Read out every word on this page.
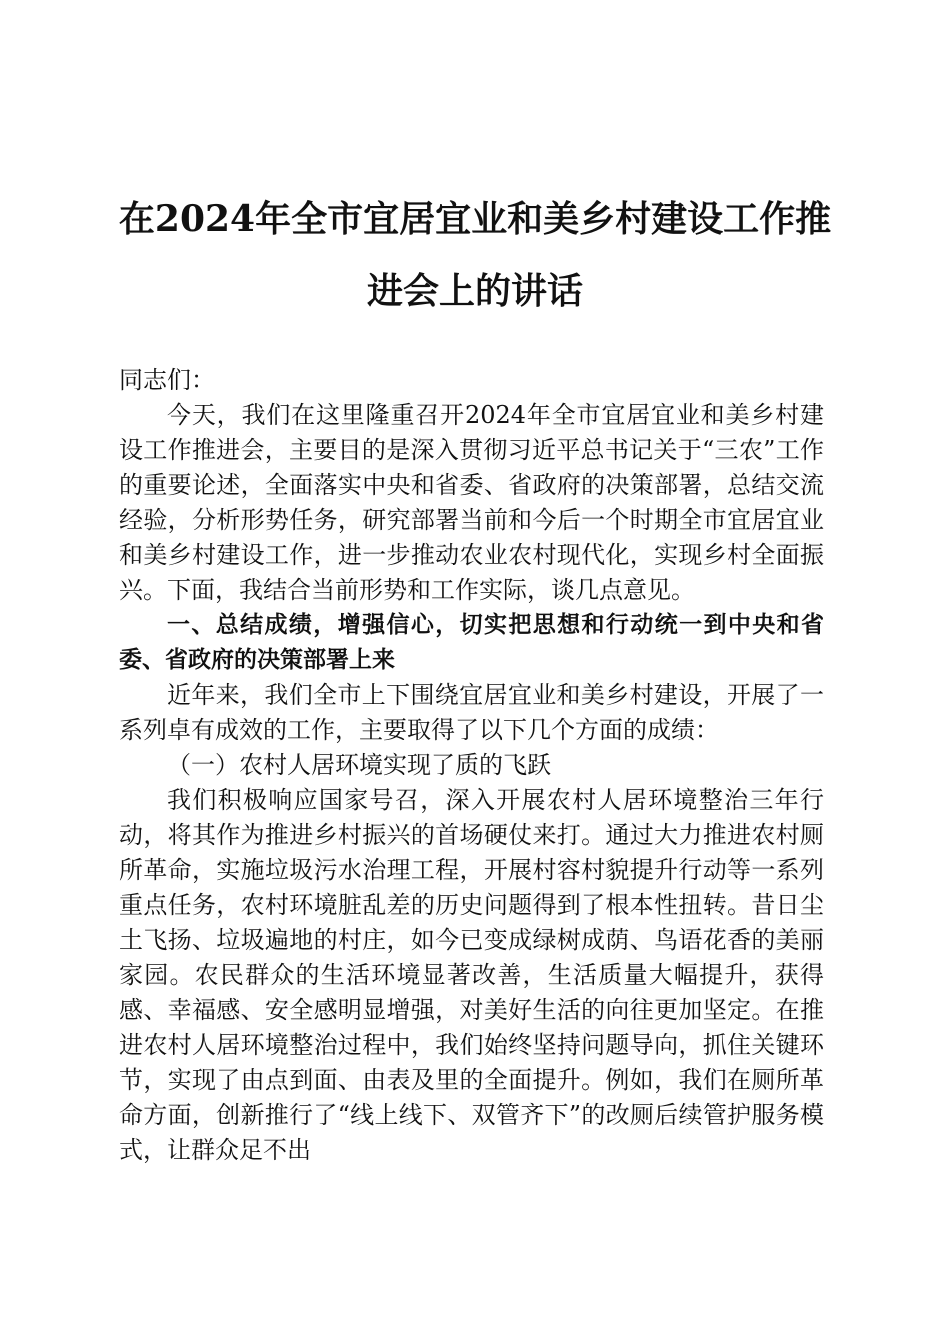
在2024年全市宜居宜业和美乡村建设工作推
进会上的讲话

同志们：

今天，我们在这里隆重召开2024年全市宜居宜业和美乡村建设工作推进会，主要目的是深入贯彻习近平总书记关于“三农”工作的重要论述，全面落实中央和省委、省政府的决策部署，总结交流经验，分析形势任务，研究部署当前和今后一个时期全市宜居宜业和美乡村建设工作，进一步推动农业农村现代化，实现乡村全面振兴。下面，我结合当前形势和工作实际，谈几点意见。

一、总结成绩，增强信心，切实把思想和行动统一到中央和省委、省政府的决策部署上来

近年来，我们全市上下围绕宜居宜业和美乡村建设，开展了一系列卓有成效的工作，主要取得了以下几个方面的成绩：

（一）农村人居环境实现了质的飞跃

我们积极响应国家号召，深入开展农村人居环境整治三年行动，将其作为推进乡村振兴的首场硬仗来打。通过大力推进农村厕所革命，实施垃圾污水治理工程，开展村容村貌提升行动等一系列重点任务，农村环境脏乱差的历史问题得到了根本性扭转。昔日尘土飞扬、垃圾遍地的村庄，如今已变成绿树成荫、鸟语花香的美丽家园。农民群众的生活环境显著改善，生活质量大幅提升，获得感、幸福感、安全感明显增强，对美好生活的向往更加坚定。在推进农村人居环境整治过程中，我们始终坚持问题导向，抓住关键环节，实现了由点到面、由表及里的全面提升。例如，我们在厕所革命方面，创新推行了“线上线下、双管齐下”的改厕后续管护服务模式，让群众足不出
